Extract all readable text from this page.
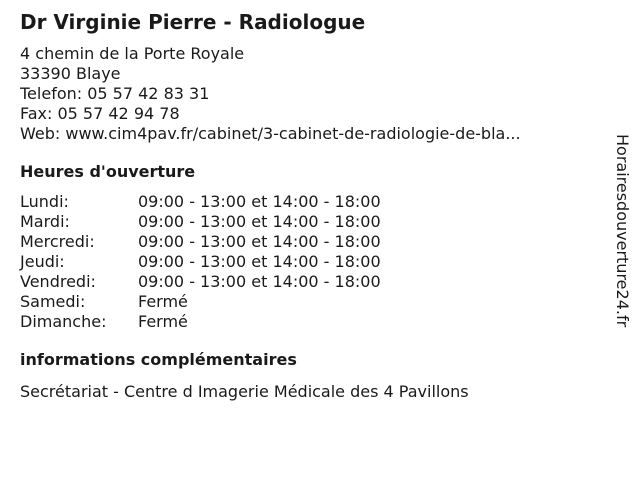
Dr Virginie Pierre - Radiologue
4 chemin de la Porte Royale
33390 Blaye
Telefon: 05 57 42 83 31
Fax: 05 57 42 94 78
Web: www.cim4pav.fr/cabinet/3-cabinet-de-radiologie-de-bla...
Heures d'ouverture
Lundi:	09:00 - 13:00 et 14:00 - 18:00
Mardi:	09:00 - 13:00 et 14:00 - 18:00
Mercredi:	09:00 - 13:00 et 14:00 - 18:00
Jeudi:	09:00 - 13:00 et 14:00 - 18:00
Vendredi:	09:00 - 13:00 et 14:00 - 18:00
Samedi:	Fermé
Dimanche:	Fermé
informations complémentaires
Secrétariat - Centre d Imagerie Médicale des 4 Pavillons
Horairesdouverture24.fr
